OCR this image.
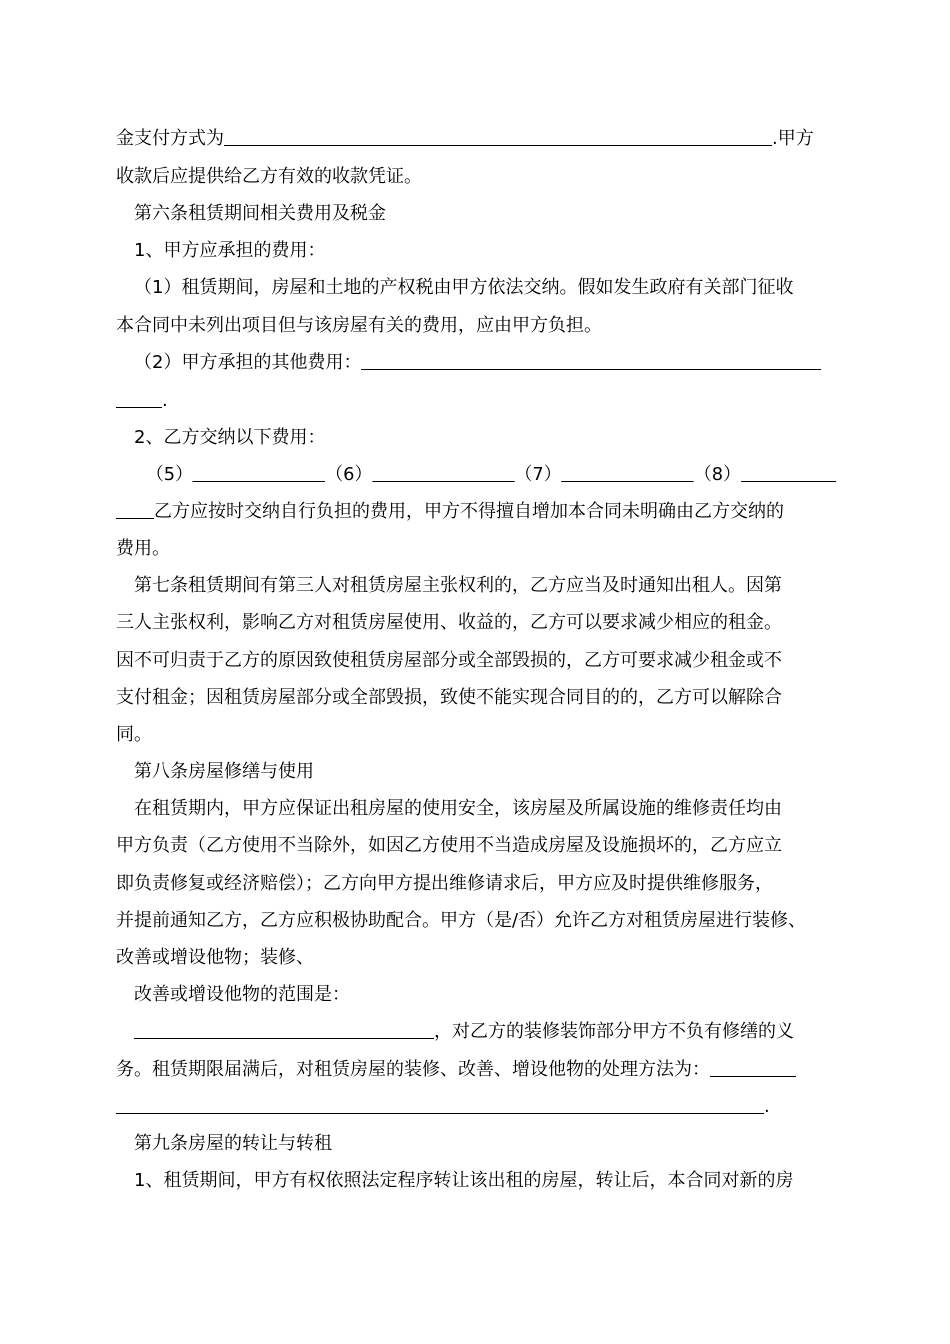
金支付方式为	.甲方
收款后应提供给乙方有效的收款凭证。
第六条租赁期间相关费用及税金
1、甲方应承担的费用：
（1）租赁期间，房屋和土地的产权税由甲方依法交纳。假如发生政府有关部门征收
本合同中未列出项目但与该房屋有关的费用，应由甲方负担。
（2）甲方承担的其他费用：
.
2、乙方交纳以下费用：
（5）	（6）	（7）	（8）
乙方应按时交纳自行负担的费用，甲方不得擅自增加本合同未明确由乙方交纳的
费用。
第七条租赁期间有第三人对租赁房屋主张权利的，乙方应当及时通知出租人。因第
三人主张权利，影响乙方对租赁房屋使用、收益的，乙方可以要求减少相应的租金。
因不可归责于乙方的原因致使租赁房屋部分或全部毁损的，乙方可要求减少租金或不
支付租金；因租赁房屋部分或全部毁损，致使不能实现合同目的的，乙方可以解除合
同。
第八条房屋修缮与使用
在租赁期内，甲方应保证出租房屋的使用安全，该房屋及所属设施的维修责任均由
甲方负责（乙方使用不当除外，如因乙方使用不当造成房屋及设施损坏的，乙方应立
即负责修复或经济赔偿）；乙方向甲方提出维修请求后，甲方应及时提供维修服务，
并提前通知乙方，乙方应积极协助配合。甲方（是/否）允许乙方对租赁房屋进行装修、
改善或增设他物；装修、
改善或增设他物的范围是：
，对乙方的装修装饰部分甲方不负有修缮的义
务。租赁期限届满后，对租赁房屋的装修、改善、增设他物的处理方法为：
.
第九条房屋的转让与转租
1、租赁期间，甲方有权依照法定程序转让该出租的房屋，转让后，本合同对新的房
